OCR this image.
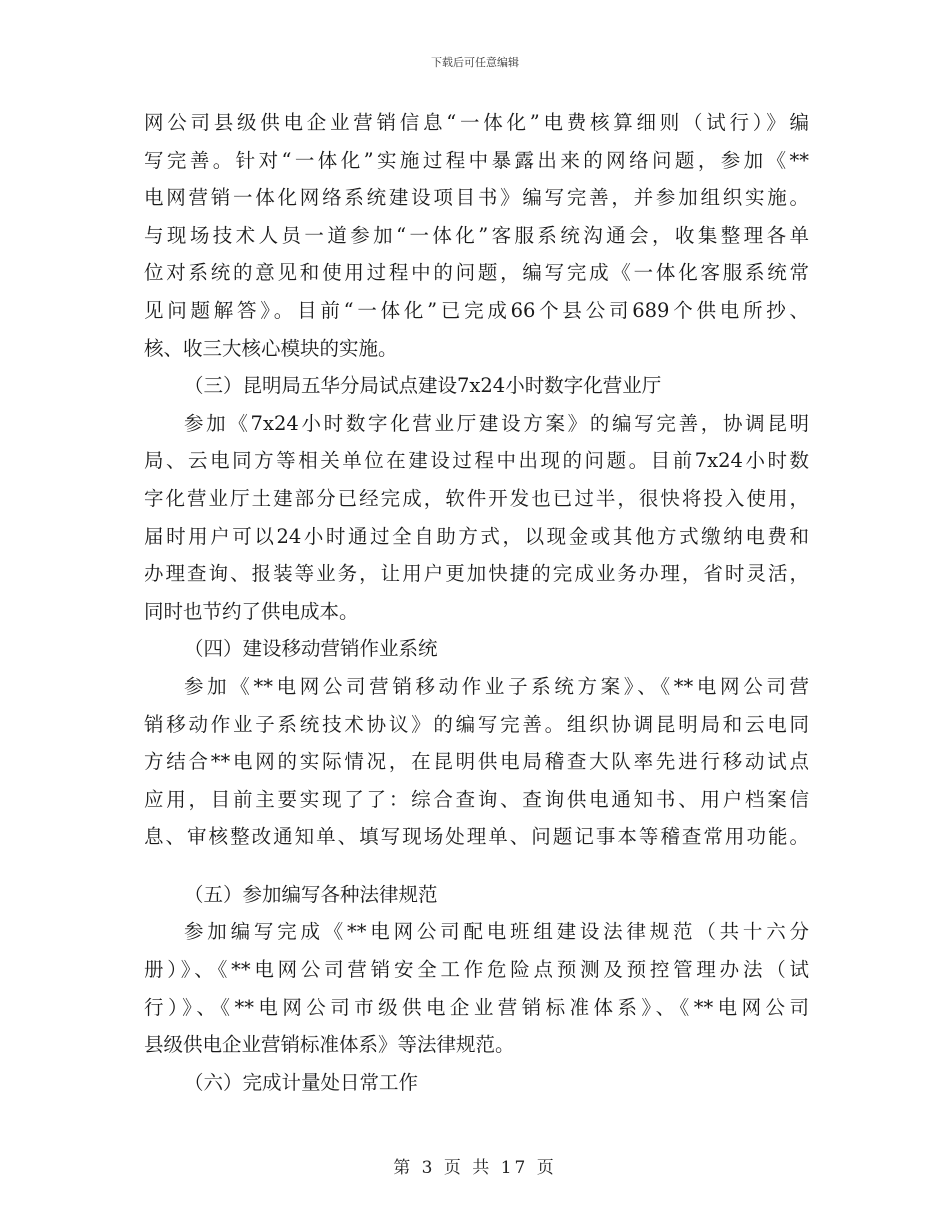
下载后可任意编辑
网公司县级供电企业营销信息“一体化”电费核算细则（试行）》编
写完善。针对“一体化”实施过程中暴露出来的网络问题，参加《**
电网营销一体化网络系统建设项目书》编写完善，并参加组织实施。
与现场技术人员一道参加“一体化”客服系统沟通会，收集整理各单
位对系统的意见和使用过程中的问题，编写完成《一体化客服系统常
见问题解答》。目前“一体化”已完成66个县公司689个供电所抄、
核、收三大核心模块的实施。
（三）昆明局五华分局试点建设7x24小时数字化营业厅
参加《7x24小时数字化营业厅建设方案》的编写完善，协调昆明
局、云电同方等相关单位在建设过程中出现的问题。目前7x24小时数
字化营业厅土建部分已经完成，软件开发也已过半，很快将投入使用，
届时用户可以24小时通过全自助方式，以现金或其他方式缴纳电费和
办理查询、报装等业务，让用户更加快捷的完成业务办理，省时灵活，
同时也节约了供电成本。
（四）建设移动营销作业系统
参加《**电网公司营销移动作业子系统方案》、《**电网公司营
销移动作业子系统技术协议》的编写完善。组织协调昆明局和云电同
方结合**电网的实际情况，在昆明供电局稽查大队率先进行移动试点
应用，目前主要实现了了：综合查询、查询供电通知书、用户档案信
息、审核整改通知单、填写现场处理单、问题记事本等稽查常用功能。
（五）参加编写各种法律规范
参加编写完成《**电网公司配电班组建设法律规范（共十六分
册）》、《**电网公司营销安全工作危险点预测及预控管理办法（试
行）》、《**电网公司市级供电企业营销标准体系》、《**电网公司
县级供电企业营销标准体系》等法律规范。
（六）完成计量处日常工作
第 3 页 共 17 页
